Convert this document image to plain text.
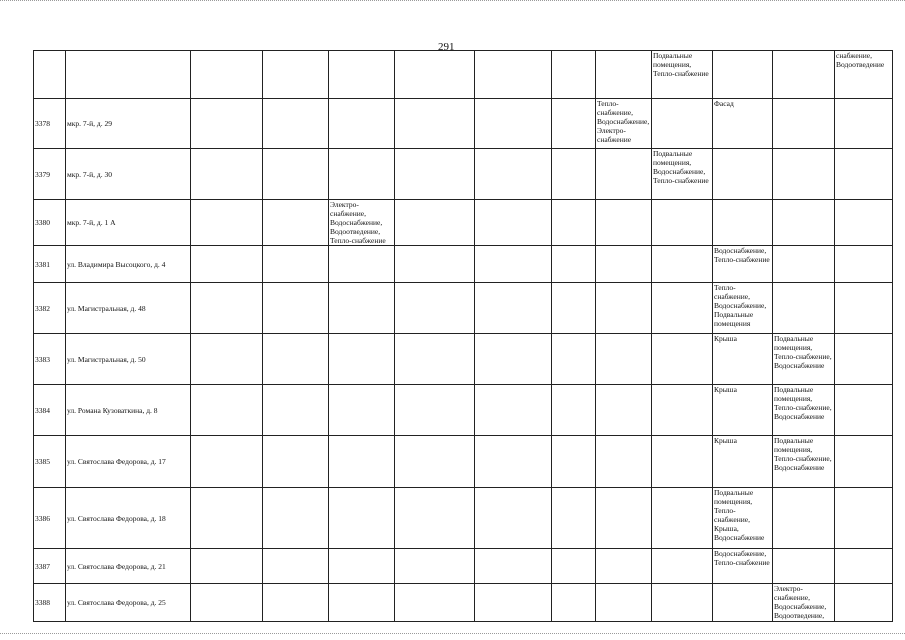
291
									Подвальные помещения, Тепло-снабжение			снабжение, Водоотведение
3378	мкр. 7-й, д. 29							Тепло-снабжение, Водоснабжение, Электро-снабжение		Фасад		
3379	мкр. 7-й, д. 30								Подвальные помещения, Водоснабжение, Тепло-снабжение			
3380	мкр. 7-й, д. 1 А			Электро-снабжение, Водоснабжение, Водоотведение, Тепло-снабжение								
3381	ул. Владимира Высоцкого, д. 4									Водоснабжение, Тепло-снабжение		
3382	ул. Магистральная, д. 48									Тепло-снабжение, Водоснабжение, Подвальные помещения		
3383	ул. Магистральная, д. 50									Крыша	Подвальные помещения, Тепло-снабжение, Водоснабжение	
3384	ул. Романа Кузоваткина, д. 8									Крыша	Подвальные помещения, Тепло-снабжение, Водоснабжение	
3385	ул. Святослава Федорова, д. 17									Крыша	Подвальные помещения, Тепло-снабжение, Водоснабжение	
3386	ул. Святослава Федорова, д. 18									Подвальные помещения, Тепло-снабжение, Крыша, Водоснабжение		
3387	ул. Святослава Федорова, д. 21									Водоснабжение, Тепло-снабжение		
3388	ул. Святослава Федорова, д. 25										Электро-снабжение, Водоснабжение, Водоотведение,	
